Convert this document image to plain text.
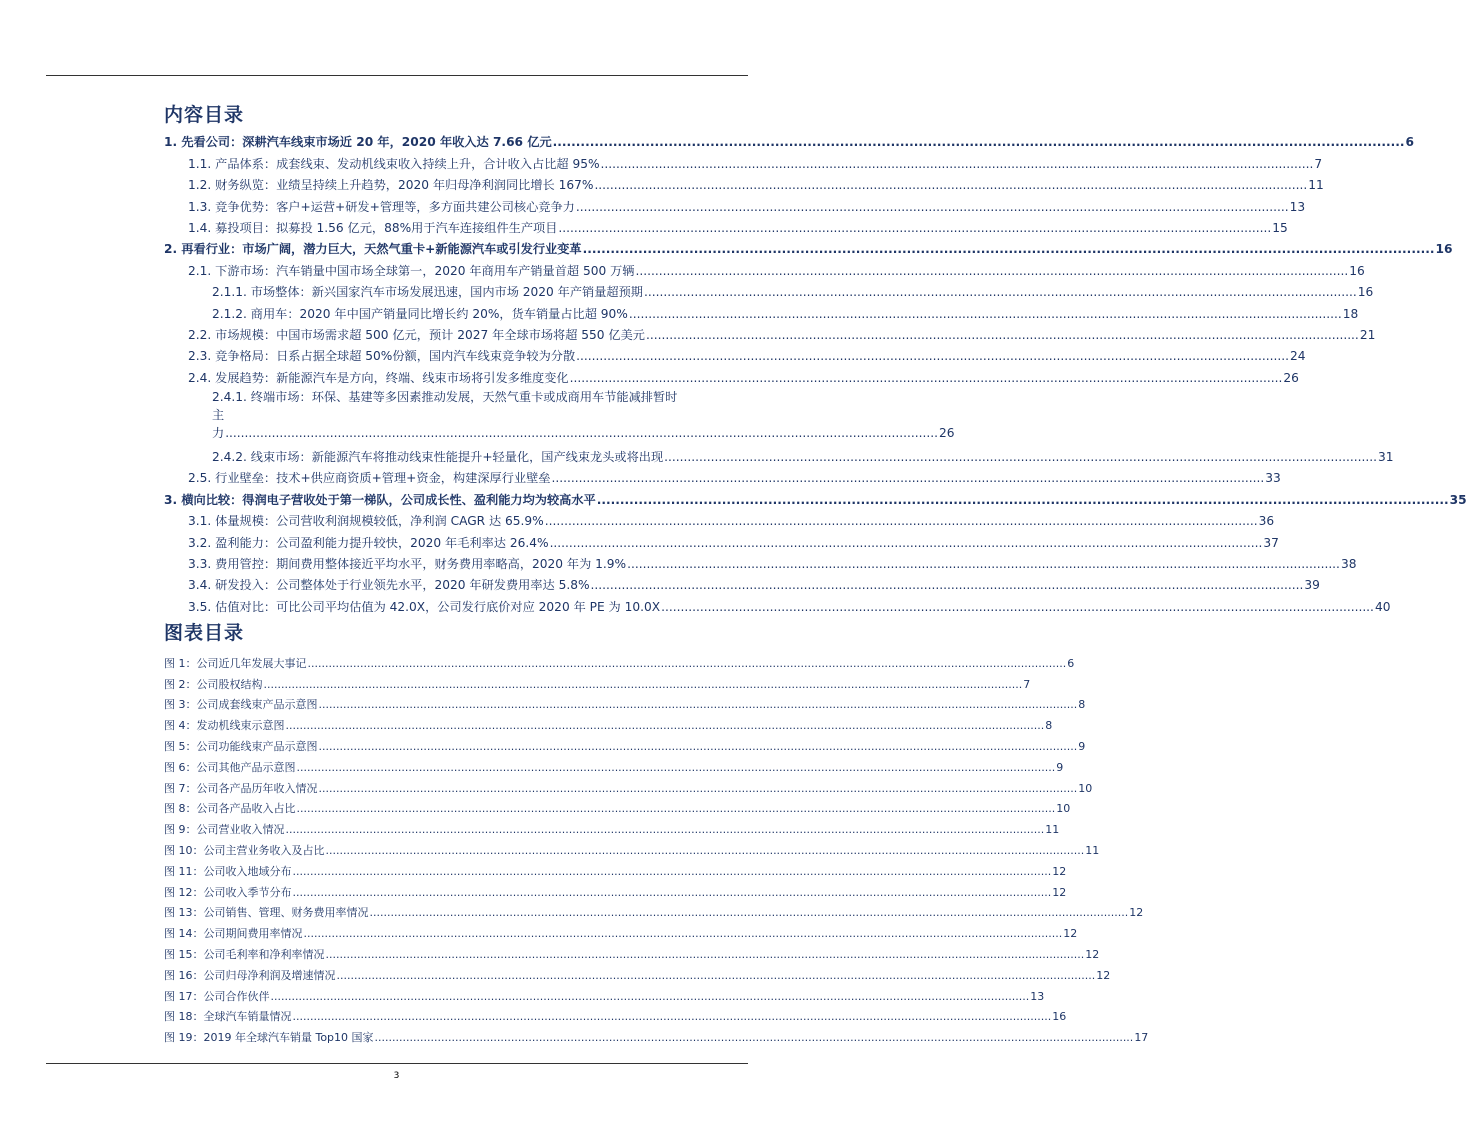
内容目录
1. 先看公司：深耕汽车线束市场近 20 年，2020 年收入达 7.66 亿元 .....	6
1.1. 产品体系：成套线束、发动机线束收入持续上升，合计收入占比超 95% .....	7
1.2. 财务纵览：业绩呈持续上升趋势，2020 年归母净利润同比增长 167% .....	11
1.3. 竞争优势：客户+运营+研发+管理等，多方面共建公司核心竞争力 .....	13
1.4. 募投项目：拟募投 1.56 亿元，88%用于汽车连接组件生产项目 .....	15
2. 再看行业：市场广阔，潜力巨大，天然气重卡+新能源汽车或引发行业变革 .....	16
2.1. 下游市场：汽车销量中国市场全球第一，2020 年商用车产销量首超 500 万辆 .....	16
2.1.1. 市场整体：新兴国家汽车市场发展迅速，国内市场 2020 年产销量超预期 .....	16
2.1.2. 商用车：2020 年中国产销量同比增长约 20%，货车销量占比超 90% .....	18
2.2. 市场规模：中国市场需求超 500 亿元，预计 2027 年全球市场将超 550 亿美元 .....	21
2.3. 竞争格局：日系占据全球超 50%份额，国内汽车线束竞争较为分散 .....	24
2.4. 发展趋势：新能源汽车是方向，终端、线束市场将引发多维度变化 .....	26
2.4.1. 终端市场：环保、基建等多因素推动发展，天然气重卡或成商用车节能减排暂时
主力 .....	26
2.4.2. 线束市场：新能源汽车将推动线束性能提升+轻量化，国产线束龙头或将出现 .....	31
2.5. 行业壁垒：技术+供应商资质+管理+资金，构建深厚行业壁垒 .....	33
3. 横向比较：得润电子营收处于第一梯队，公司成长性、盈利能力均为较高水平 .....	35
3.1. 体量规模：公司营收利润规模较低，净利润 CAGR 达 65.9% .....	36
3.2. 盈利能力：公司盈利能力提升较快，2020 年毛利率达 26.4% .....	37
3.3. 费用管控：期间费用整体接近平均水平，财务费用率略高，2020 年为 1.9% .....	38
3.4. 研发投入：公司整体处于行业领先水平，2020 年研发费用率达 5.8% .....	39
3.5. 估值对比：可比公司平均估值为 42.0X，公司发行底价对应 2020 年 PE 为 10.0X .....	40
图表目录
图 1：公司近几年发展大事记 .....	6
图 2：公司股权结构 .....	7
图 3：公司成套线束产品示意图 .....	8
图 4：发动机线束示意图 .....	8
图 5：公司功能线束产品示意图 .....	9
图 6：公司其他产品示意图 .....	9
图 7：公司各产品历年收入情况 .....	10
图 8：公司各产品收入占比 .....	10
图 9：公司营业收入情况 .....	11
图 10：公司主营业务收入及占比 .....	11
图 11：公司收入地域分布 .....	12
图 12：公司收入季节分布 .....	12
图 13：公司销售、管理、财务费用率情况 .....	12
图 14：公司期间费用率情况 .....	12
图 15：公司毛利率和净利率情况 .....	12
图 16：公司归母净利润及增速情况 .....	12
图 17：公司合作伙伴 .....	13
图 18：全球汽车销量情况 .....	16
图 19：2019 年全球汽车销量 Top10 国家 .....	17
3
